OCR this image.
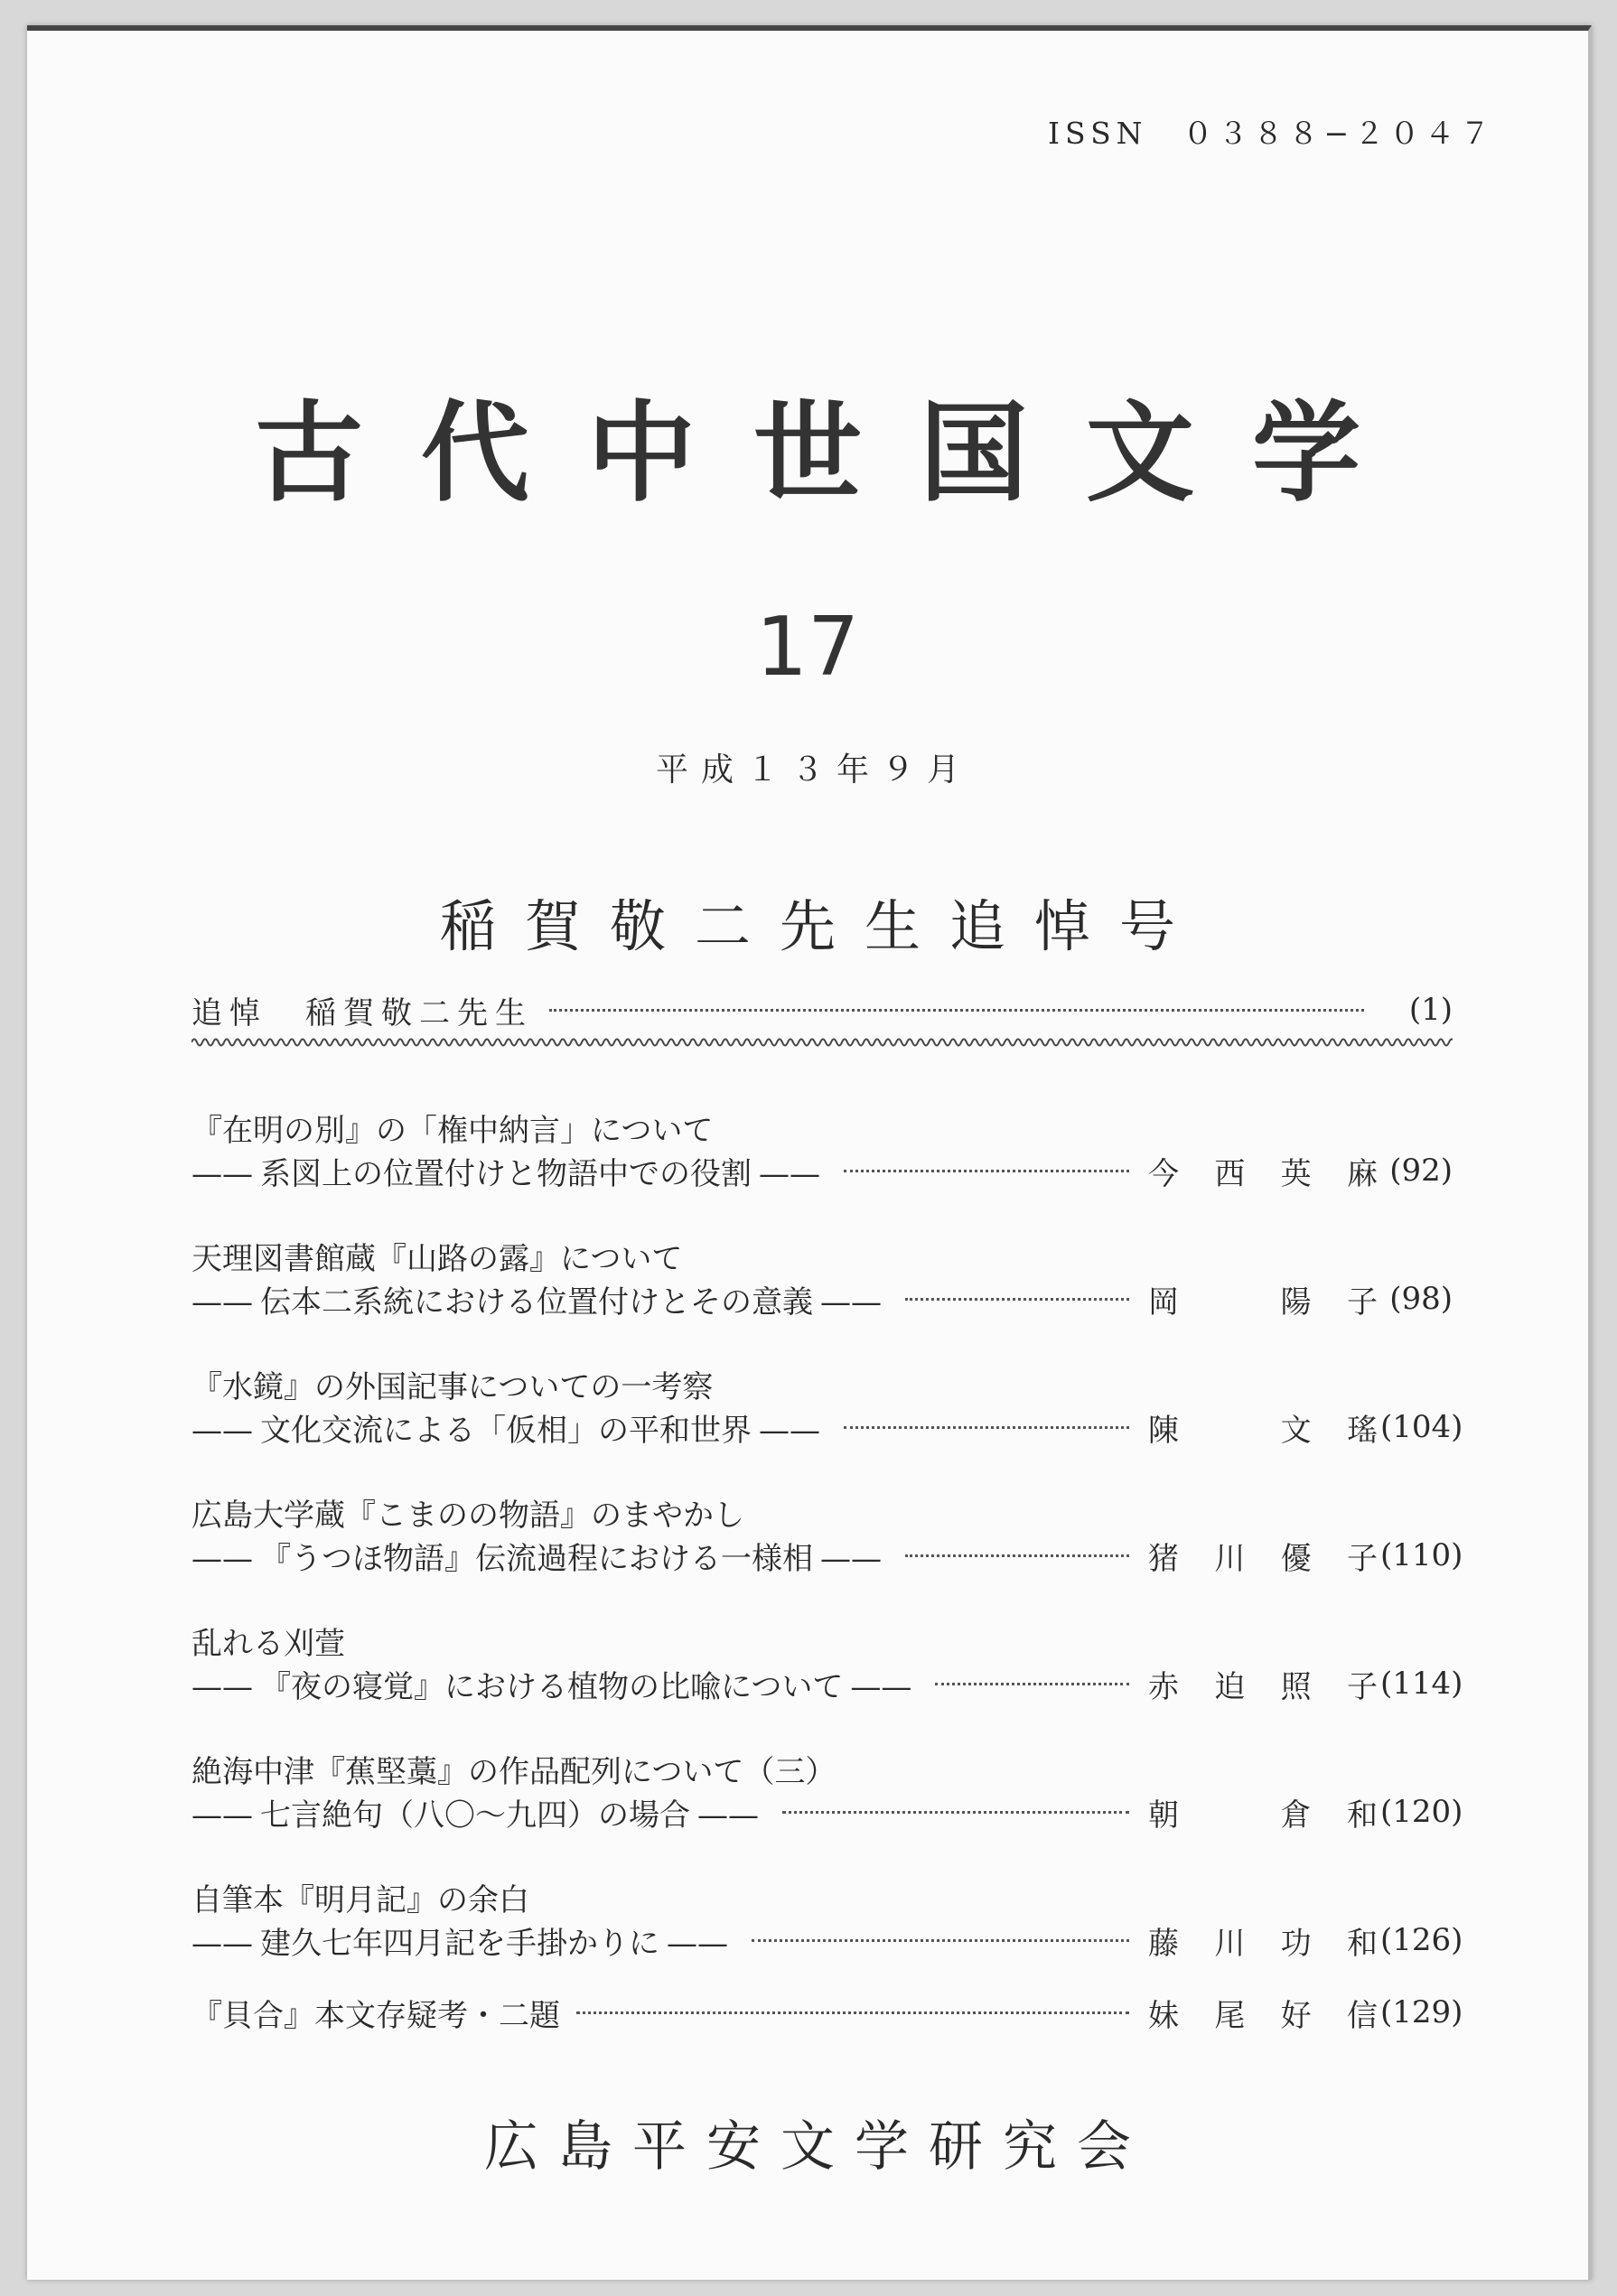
ISSN　０３８８−２０４７
古代中世国文学
17
平成１３年９月
稲賀敬二先生追悼号
追悼　稲賀敬二先生	(1)
『在明の別』の「権中納言」について
—— 系図上の位置付けと物語中での役割 ——	今 西 英 麻 (92)
天理図書館蔵『山路の露』について
—— 伝本二系統における位置付けとその意義 ——	岡	陽 子 (98)
『水鏡』の外国記事についての一考察
—— 文化交流による「仮相」の平和世界 ——	陳	文 瑤 (104)
広島大学蔵『こまのの物語』のまやかし
—— 『うつほ物語』伝流過程における一様相 ——	猪 川 優 子 (110)
乱れる刈萱
—— 『夜の寝覚』における植物の比喩について ——	赤 迫 照 子 (114)
絶海中津『蕉堅藁』の作品配列について（三）
—— 七言絶句（八〇〜九四）の場合 ——	朝	倉 和 (120)
自筆本『明月記』の余白
—— 建久七年四月記を手掛かりに ——	藤 川 功 和 (126)
『貝合』本文存疑考・二題	妹 尾 好 信 (129)
広島平安文学研究会
